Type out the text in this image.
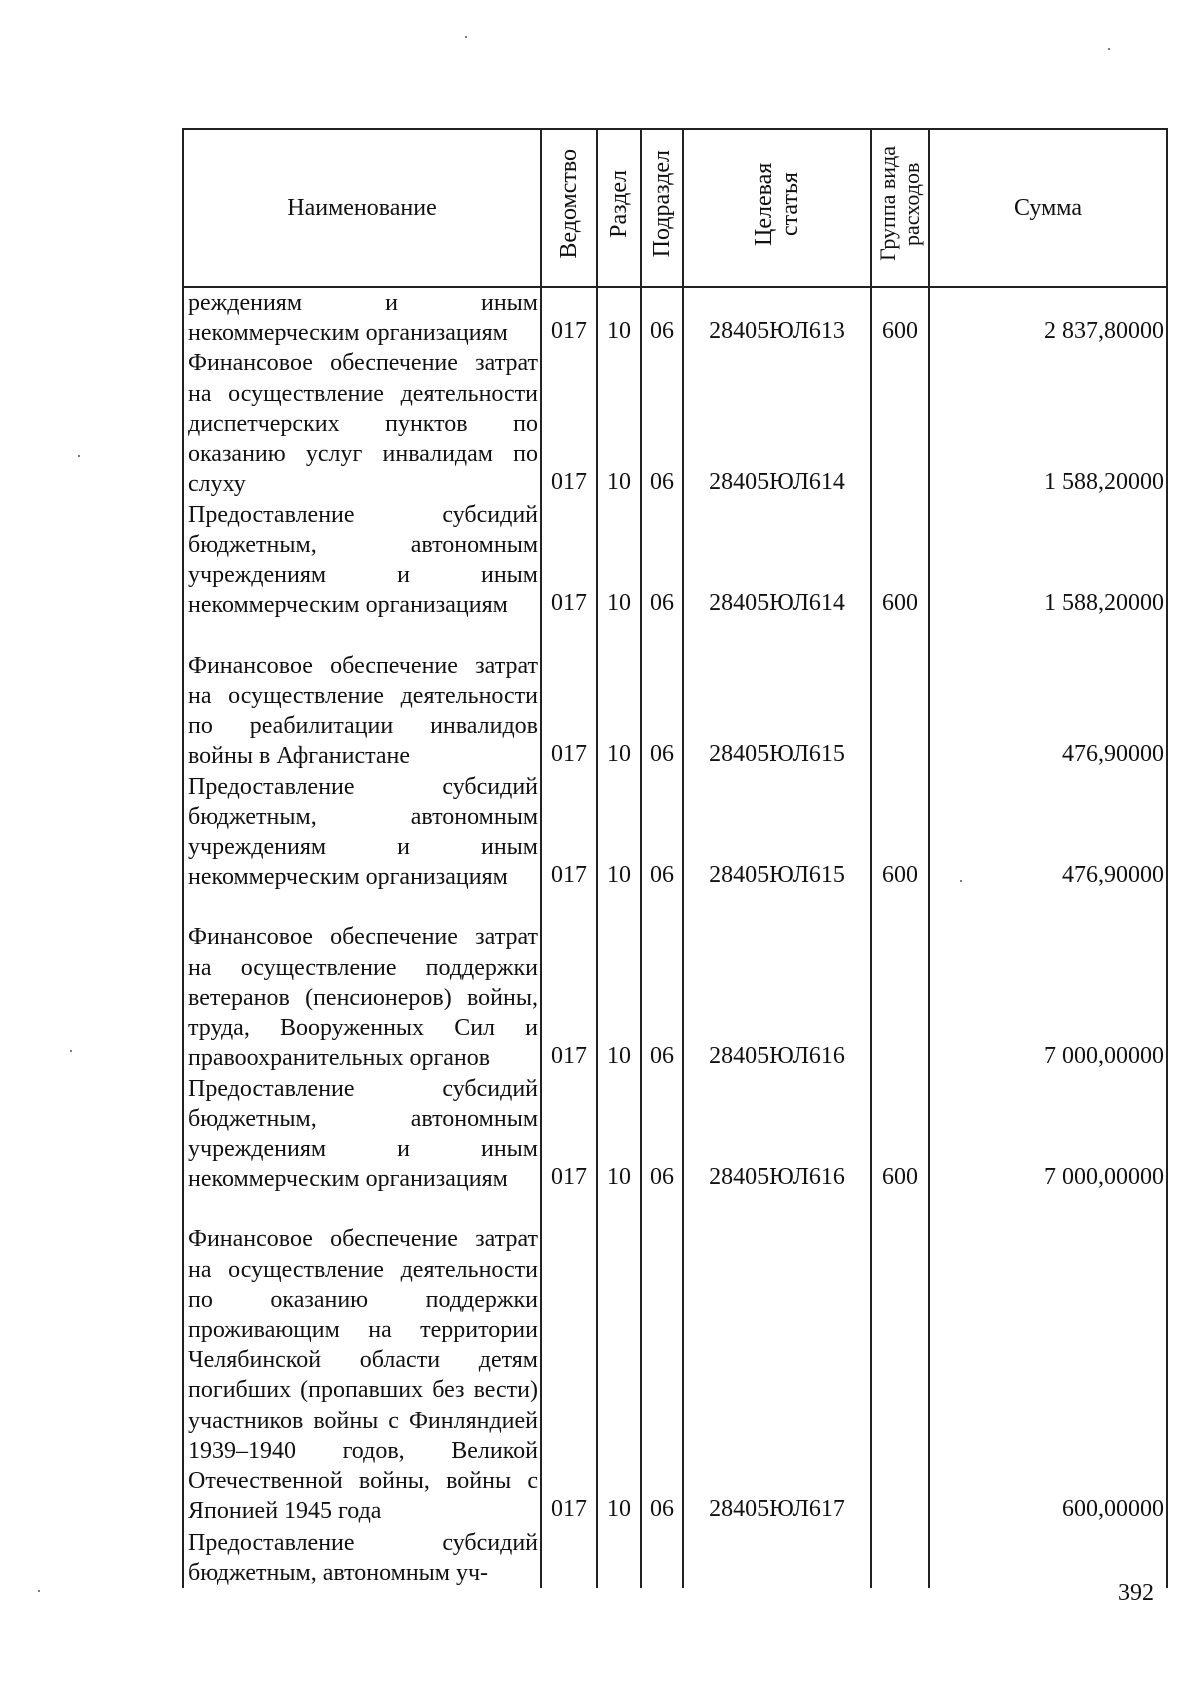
Наименование	Ведомство	Раздел	Подраздел	Целевая статья	Группа вида расходов	Сумма
реждениям и иным некоммерческим организациям	017	10	06	28405ЮЛ613	600	2 837,80000
Финансовое обеспечение затрат на осуществление деятельности диспетчерских пунктов по оказанию услуг инвалидам по слуху	017	10	06	28405ЮЛ614		1 588,20000
Предоставление субсидий бюджетным, автономным учреждениям и иным некоммерческим организациям	017	10	06	28405ЮЛ614	600	1 588,20000
Финансовое обеспечение затрат на осуществление деятельности по реабилитации инвалидов войны в Афганистане	017	10	06	28405ЮЛ615		476,90000
Предоставление субсидий бюджетным, автономным учреждениям и иным некоммерческим организациям	017	10	06	28405ЮЛ615	600	476,90000
Финансовое обеспечение затрат на осуществление поддержки ветеранов (пенсионеров) войны, труда, Вооруженных Сил и правоохранительных органов	017	10	06	28405ЮЛ616		7 000,00000
Предоставление субсидий бюджетным, автономным учреждениям и иным некоммерческим организациям	017	10	06	28405ЮЛ616	600	7 000,00000
Финансовое обеспечение затрат на осуществление деятельности по оказанию поддержки проживающим на территории Челябинской области детям погибших (пропавших без вести) участников войны с Финляндией 1939–1940 годов, Великой Отечественной войны, войны с Японией 1945 года	017	10	06	28405ЮЛ617		600,00000
Предоставление субсидий бюджетным, автономным уч-						
392
